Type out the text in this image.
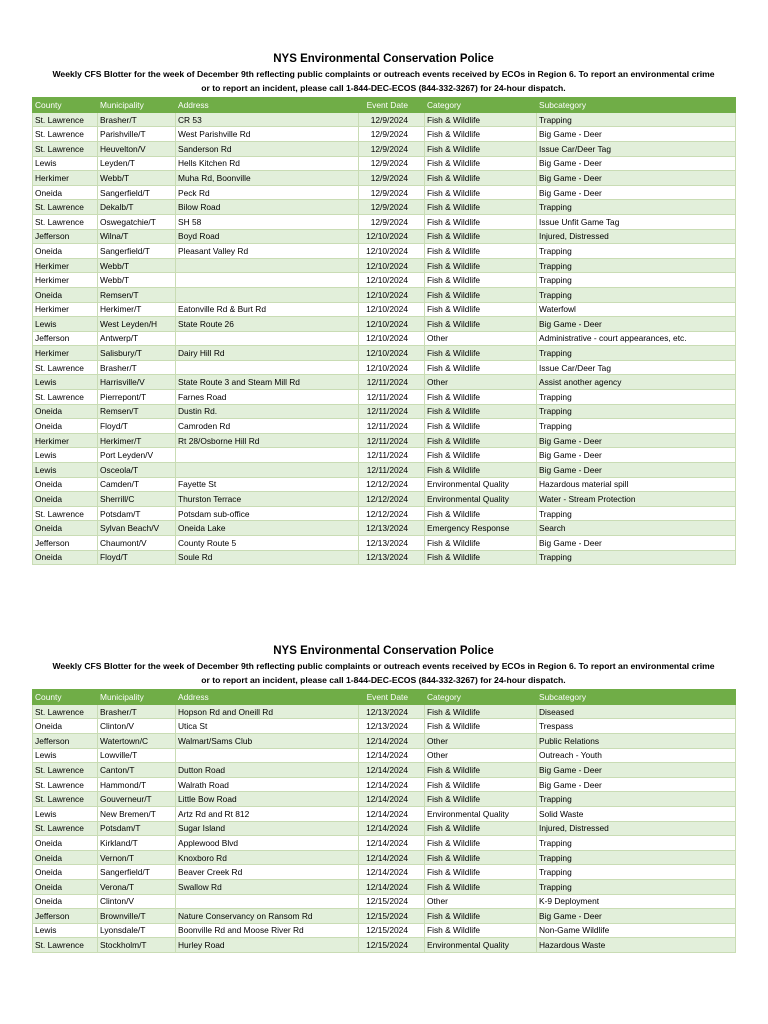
NYS Environmental Conservation Police
Weekly CFS Blotter for the week of December 9th reflecting public complaints or outreach events received by ECOs in Region 6. To report an environmental crime
or to report an incident, please call 1-844-DEC-ECOS (844-332-3267) for 24-hour dispatch.
County	Municipality	Address	Event Date	Category	Subcategory
St. Lawrence	Brasher/T	CR 53	12/9/2024	Fish & Wildlife	Trapping
St. Lawrence	Parishville/T	West Parishville Rd	12/9/2024	Fish & Wildlife	Big Game - Deer
St. Lawrence	Heuvelton/V	Sanderson Rd	12/9/2024	Fish & Wildlife	Issue Car/Deer Tag
Lewis	Leyden/T	Hells Kitchen Rd	12/9/2024	Fish & Wildlife	Big Game - Deer
Herkimer	Webb/T	Muha Rd, Boonville	12/9/2024	Fish & Wildlife	Big Game - Deer
Oneida	Sangerfield/T	Peck Rd	12/9/2024	Fish & Wildlife	Big Game - Deer
St. Lawrence	Dekalb/T	Bilow Road	12/9/2024	Fish & Wildlife	Trapping
St. Lawrence	Oswegatchie/T	SH 58	12/9/2024	Fish & Wildlife	Issue Unfit Game Tag
Jefferson	Wilna/T	Boyd Road	12/10/2024	Fish & Wildlife	Injured, Distressed
Oneida	Sangerfield/T	Pleasant Valley Rd	12/10/2024	Fish & Wildlife	Trapping
Herkimer	Webb/T		12/10/2024	Fish & Wildlife	Trapping
Herkimer	Webb/T		12/10/2024	Fish & Wildlife	Trapping
Oneida	Remsen/T		12/10/2024	Fish & Wildlife	Trapping
Herkimer	Herkimer/T	Eatonville Rd & Burt Rd	12/10/2024	Fish & Wildlife	Waterfowl
Lewis	West Leyden/H	State Route 26	12/10/2024	Fish & Wildlife	Big Game - Deer
Jefferson	Antwerp/T		12/10/2024	Other	Administrative - court appearances, etc.
Herkimer	Salisbury/T	Dairy Hill Rd	12/10/2024	Fish & Wildlife	Trapping
St. Lawrence	Brasher/T		12/10/2024	Fish & Wildlife	Issue Car/Deer Tag
Lewis	Harrisville/V	State Route 3 and Steam Mill Rd	12/11/2024	Other	Assist another agency
St. Lawrence	Pierrepont/T	Farnes Road	12/11/2024	Fish & Wildlife	Trapping
Oneida	Remsen/T	Dustin Rd.	12/11/2024	Fish & Wildlife	Trapping
Oneida	Floyd/T	Camroden Rd	12/11/2024	Fish & Wildlife	Trapping
Herkimer	Herkimer/T	Rt 28/Osborne Hill Rd	12/11/2024	Fish & Wildlife	Big Game - Deer
Lewis	Port Leyden/V		12/11/2024	Fish & Wildlife	Big Game - Deer
Lewis	Osceola/T		12/11/2024	Fish & Wildlife	Big Game - Deer
Oneida	Camden/T	Fayette St	12/12/2024	Environmental Quality	Hazardous material spill
Oneida	Sherrill/C	Thurston Terrace	12/12/2024	Environmental Quality	Water - Stream Protection
St. Lawrence	Potsdam/T	Potsdam sub-office	12/12/2024	Fish & Wildlife	Trapping
Oneida	Sylvan Beach/V	Oneida Lake	12/13/2024	Emergency Response	Search
Jefferson	Chaumont/V	County Route 5	12/13/2024	Fish & Wildlife	Big Game - Deer
Oneida	Floyd/T	Soule Rd	12/13/2024	Fish & Wildlife	Trapping
NYS Environmental Conservation Police
Weekly CFS Blotter for the week of December 9th reflecting public complaints or outreach events received by ECOs in Region 6. To report an environmental crime
or to report an incident, please call 1-844-DEC-ECOS (844-332-3267) for 24-hour dispatch.
County	Municipality	Address	Event Date	Category	Subcategory
St. Lawrence	Brasher/T	Hopson Rd and Oneill Rd	12/13/2024	Fish & Wildlife	Diseased
Oneida	Clinton/V	Utica St	12/13/2024	Fish & Wildlife	Trespass
Jefferson	Watertown/C	Walmart/Sams Club	12/14/2024	Other	Public Relations
Lewis	Lowville/T		12/14/2024	Other	Outreach - Youth
St. Lawrence	Canton/T	Dutton Road	12/14/2024	Fish & Wildlife	Big Game - Deer
St. Lawrence	Hammond/T	Walrath Road	12/14/2024	Fish & Wildlife	Big Game - Deer
St. Lawrence	Gouverneur/T	Little Bow Road	12/14/2024	Fish & Wildlife	Trapping
Lewis	New Bremen/T	Artz Rd and Rt 812	12/14/2024	Environmental Quality	Solid Waste
St. Lawrence	Potsdam/T	Sugar Island	12/14/2024	Fish & Wildlife	Injured, Distressed
Oneida	Kirkland/T	Applewood Blvd	12/14/2024	Fish & Wildlife	Trapping
Oneida	Vernon/T	Knoxboro Rd	12/14/2024	Fish & Wildlife	Trapping
Oneida	Sangerfield/T	Beaver Creek Rd	12/14/2024	Fish & Wildlife	Trapping
Oneida	Verona/T	Swallow Rd	12/14/2024	Fish & Wildlife	Trapping
Oneida	Clinton/V		12/15/2024	Other	K-9 Deployment
Jefferson	Brownville/T	Nature Conservancy on Ransom Rd	12/15/2024	Fish & Wildlife	Big Game - Deer
Lewis	Lyonsdale/T	Boonville Rd and Moose River Rd	12/15/2024	Fish & Wildlife	Non-Game Wildlife
St. Lawrence	Stockholm/T	Hurley Road	12/15/2024	Environmental Quality	Hazardous Waste
